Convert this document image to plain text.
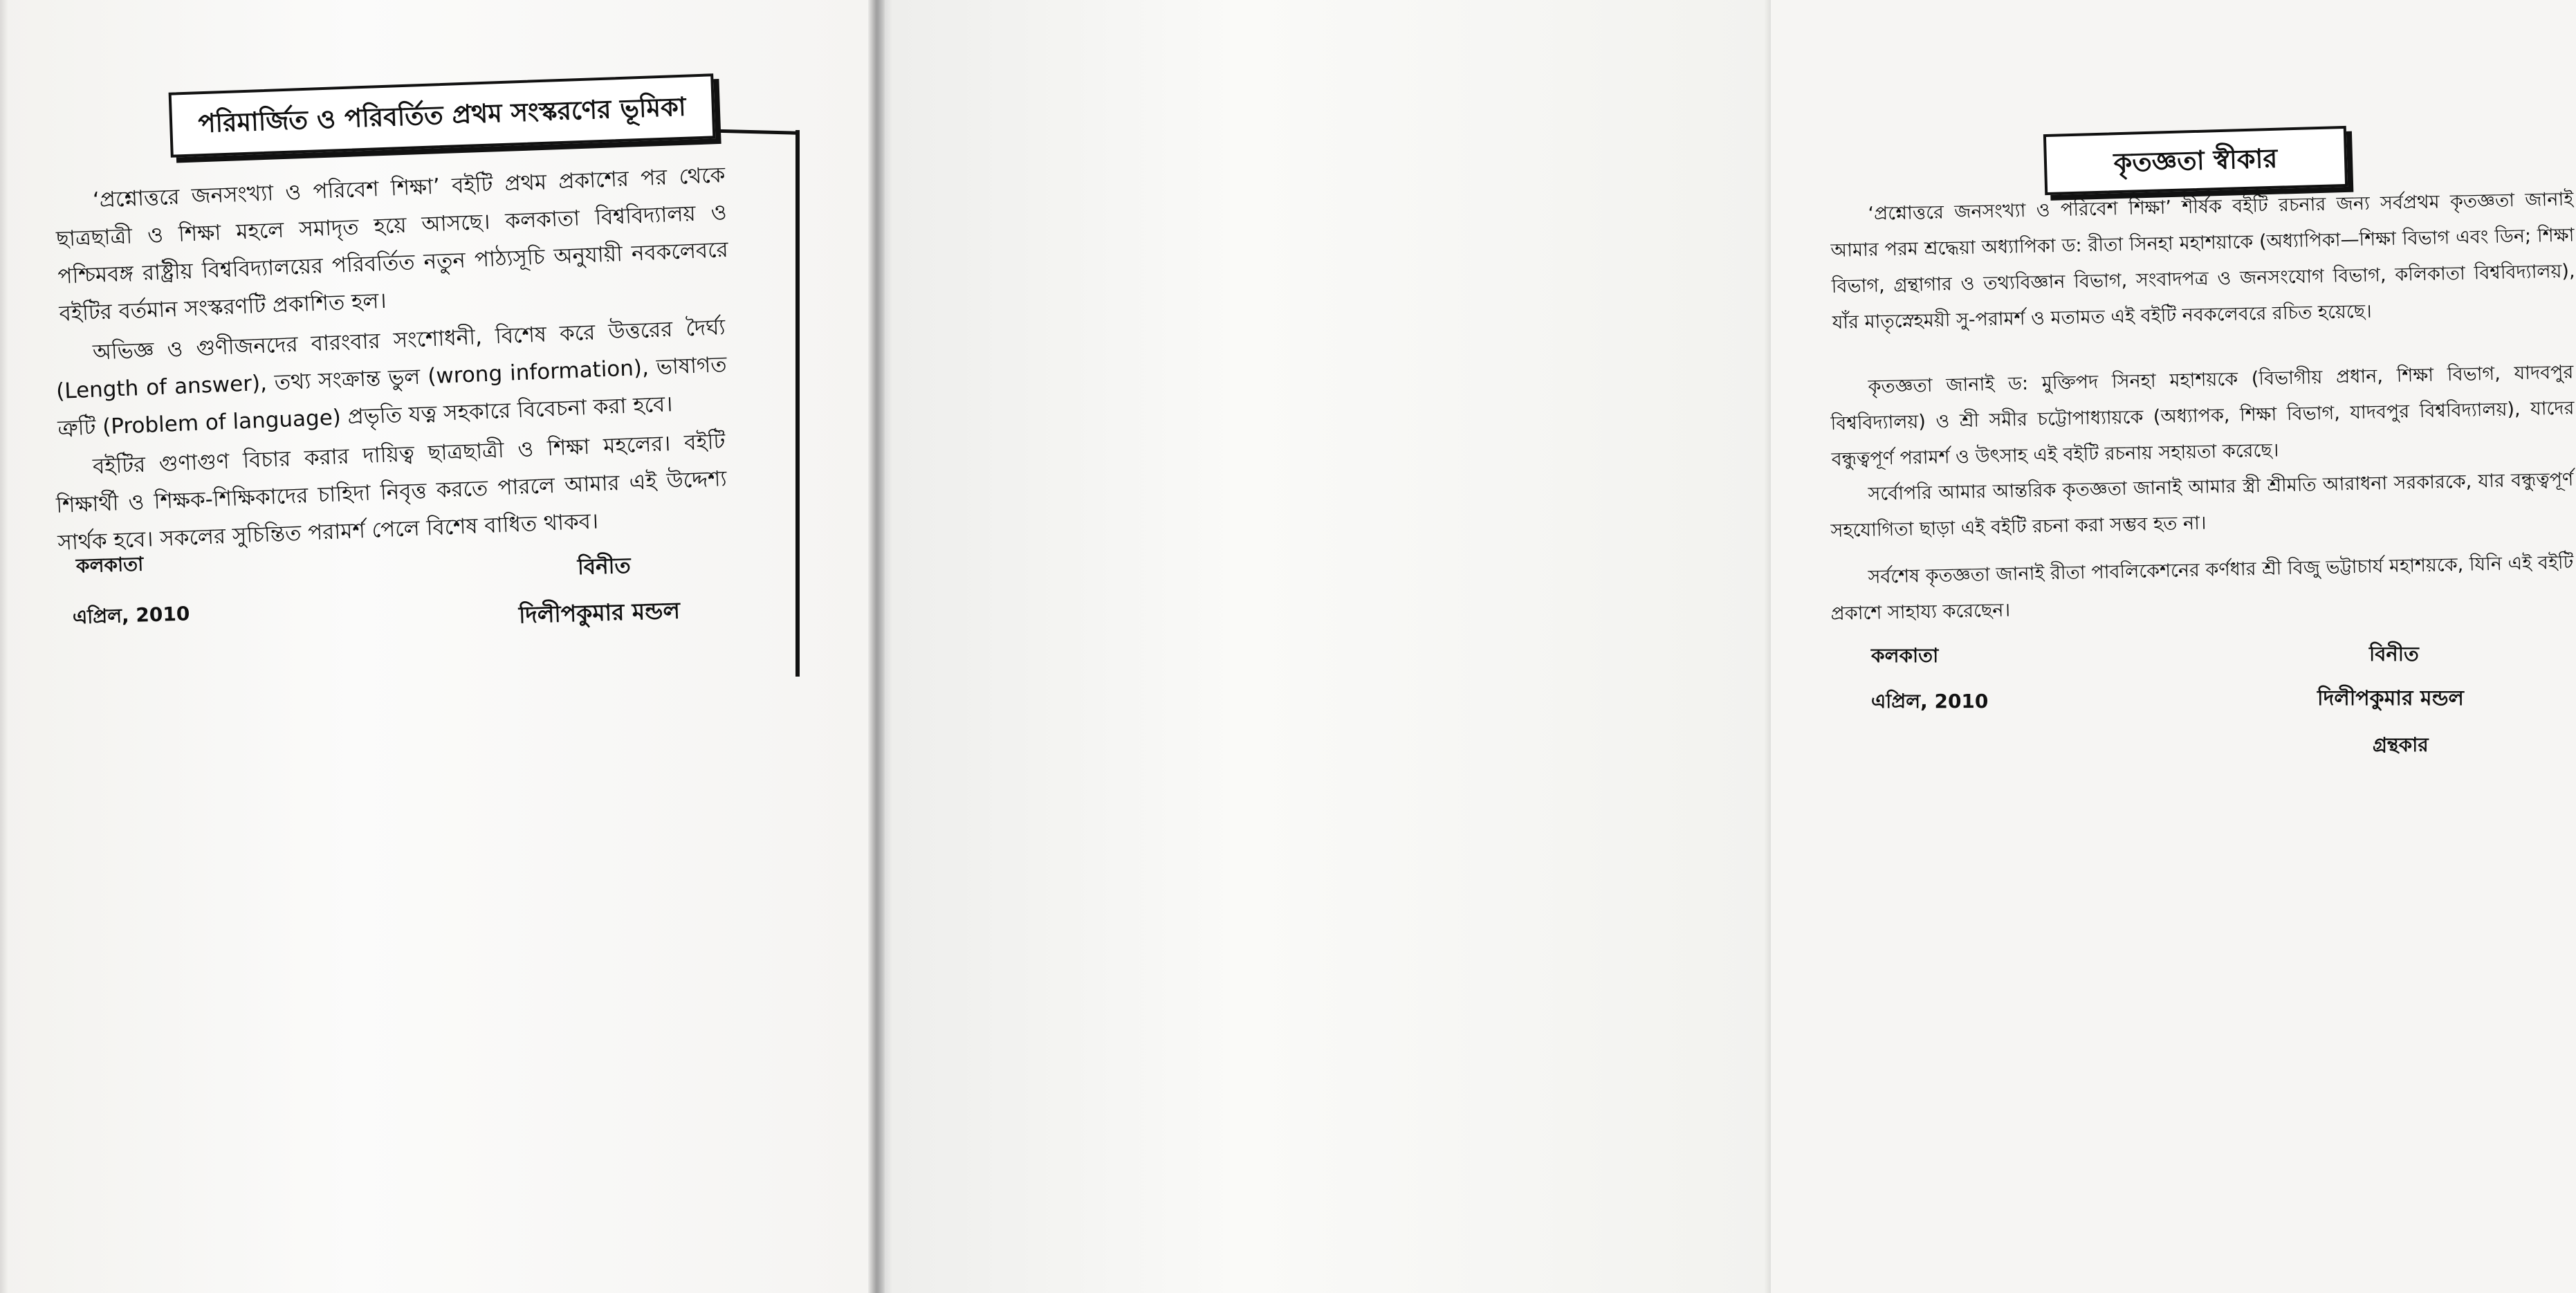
পরিমার্জিত ও পরিবর্তিত প্রথম সংস্করণের ভূমিকা

‘প্রশ্নোত্তরে জনসংখ্যা ও পরিবেশ শিক্ষা’ বইটি প্রথম প্রকাশের পর থেকে ছাত্রছাত্রী ও শিক্ষা মহলে সমাদৃত হয়ে আসছে। কলকাতা বিশ্ববিদ্যালয় ও পশ্চিমবঙ্গ রাষ্ট্রীয় বিশ্ববিদ্যালয়ের পরিবর্তিত নতুন পাঠ্যসূচি অনুযায়ী নবকলেবরে বইটির বর্তমান সংস্করণটি প্রকাশিত হল।

অভিজ্ঞ ও গুণীজনদের বারংবার সংশোধনী, বিশেষ করে উত্তরের দৈর্ঘ্য (Length of answer), তথ্য সংক্রান্ত ভুল (wrong information), ভাষাগত ত্রুটি (Problem of language) প্রভৃতি যত্ন সহকারে বিবেচনা করা হবে।

বইটির গুণাগুণ বিচার করার দায়িত্ব ছাত্রছাত্রী ও শিক্ষা মহলের। বইটি শিক্ষার্থী ও শিক্ষক-শিক্ষিকাদের চাহিদা নিবৃত্ত করতে পারলে আমার এই উদ্দেশ্য সার্থক হবে। সকলের সুচিন্তিত পরামর্শ পেলে বিশেষ বাধিত থাকব।

কলকাতা
এপ্রিল, 2010
বিনীত
দিলীপকুমার মন্ডল
কৃতজ্ঞতা স্বীকার

‘প্রশ্নোত্তরে জনসংখ্যা ও পরিবেশ শিক্ষা’ শীর্ষক বইটি রচনার জন্য সর্বপ্রথম কৃতজ্ঞতা জানাই আমার পরম শ্রদ্ধেয়া অধ্যাপিকা ড: রীতা সিনহা মহাশয়াকে (অধ্যাপিকা—শিক্ষা বিভাগ এবং ডিন; শিক্ষা বিভাগ, গ্রন্থাগার ও তথ্যবিজ্ঞান বিভাগ, সংবাদপত্র ও জনসংযোগ বিভাগ, কলিকাতা বিশ্ববিদ্যালয়), যাঁর মাতৃস্নেহময়ী সু-পরামর্শ ও মতামত এই বইটি নবকলেবরে রচিত হয়েছে।

কৃতজ্ঞতা জানাই ড: মুক্তিপদ সিনহা মহাশয়কে (বিভাগীয় প্রধান, শিক্ষা বিভাগ, যাদবপুর বিশ্ববিদ্যালয়) ও শ্রী সমীর চট্টোপাধ্যায়কে (অধ্যাপক, শিক্ষা বিভাগ, যাদবপুর বিশ্ববিদ্যালয়), যাদের বন্ধুত্বপূর্ণ পরামর্শ ও উৎসাহ এই বইটি রচনায় সহায়তা করেছে।

সর্বোপরি আমার আন্তরিক কৃতজ্ঞতা জানাই আমার স্ত্রী শ্রীমতি আরাধনা সরকারকে, যার বন্ধুত্বপূর্ণ সহযোগিতা ছাড়া এই বইটি রচনা করা সম্ভব হত না।

সর্বশেষ কৃতজ্ঞতা জানাই রীতা পাবলিকেশনের কর্ণধার শ্রী বিজু ভট্টাচার্য মহাশয়কে, যিনি এই বইটি প্রকাশে সাহায্য করেছেন।

কলকাতা
এপ্রিল, 2010
বিনীত
দিলীপকুমার মন্ডল
গ্রন্থকার
